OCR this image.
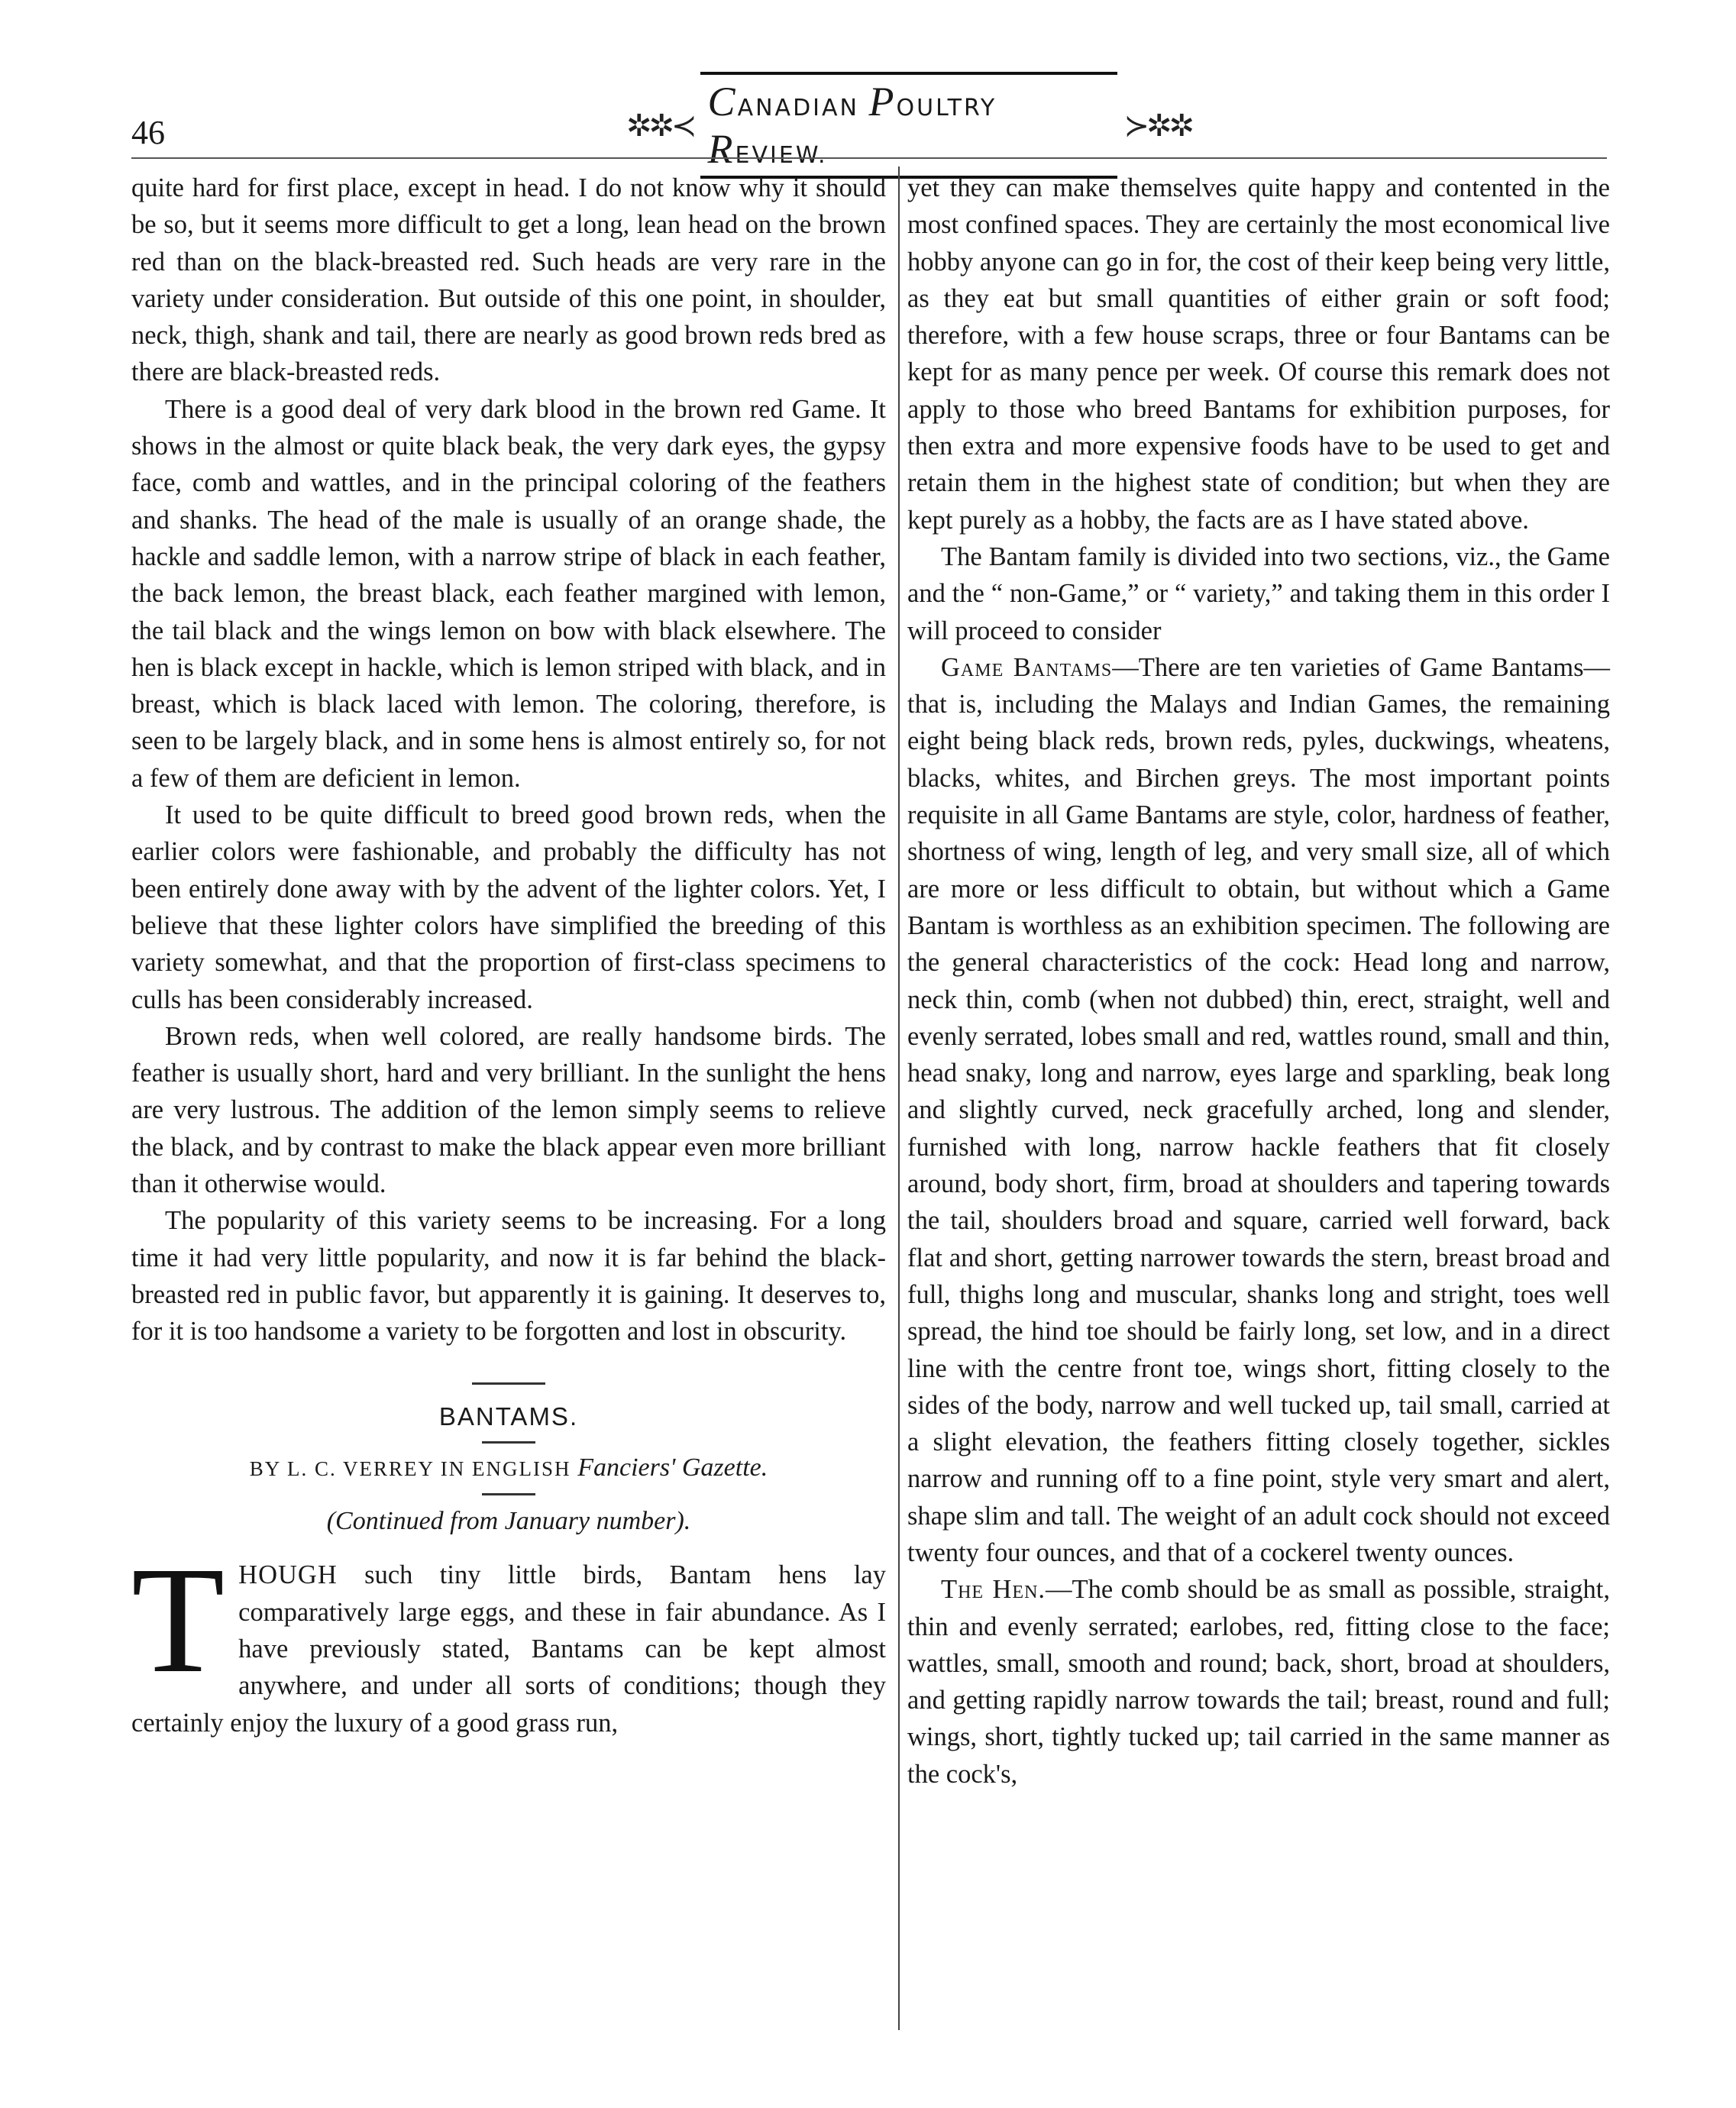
46	✲✲≺
CANADIAN POULTRY REVIEW.
≻✲✲

quite hard for first place, except in head. I do not know why it should be so, but it seems more difficult to get a long, lean head on the brown red than on the black-breasted red. Such heads are very rare in the variety under consideration. But outside of this one point, in shoulder, neck, thigh, shank and tail, there are nearly as good brown reds bred as there are black-breasted reds.

There is a good deal of very dark blood in the brown red Game. It shows in the almost or quite black beak, the very dark eyes, the gypsy face, comb and wattles, and in the principal coloring of the feathers and shanks. The head of the male is usually of an orange shade, the hackle and saddle lemon, with a narrow stripe of black in each feather, the back lemon, the breast black, each feather margined with lemon, the tail black and the wings lemon on bow with black elsewhere. The hen is black except in hackle, which is lemon striped with black, and in breast, which is black laced with lemon. The coloring, therefore, is seen to be largely black, and in some hens is almost entirely so, for not a few of them are deficient in lemon.

It used to be quite difficult to breed good brown reds, when the earlier colors were fashionable, and probably the difficulty has not been entirely done away with by the advent of the lighter colors. Yet, I believe that these lighter colors have simplified the breeding of this variety somewhat, and that the proportion of first-class specimens to culls has been considerably increased.

Brown reds, when well colored, are really handsome birds. The feather is usually short, hard and very brilliant. In the sunlight the hens are very lustrous. The addition of the lemon simply seems to relieve the black, and by contrast to make the black appear even more brilliant than it otherwise would.

The popularity of this variety seems to be increasing. For a long time it had very little popularity, and now it is far behind the black-breasted red in public favor, but apparently it is gaining. It deserves to, for it is too handsome a variety to be forgotten and lost in obscurity.

BANTAMS.
BY L. C. VERREY IN ENGLISH Fanciers' Gazette.
(Continued from January number).

THOUGH such tiny little birds, Bantam hens lay comparatively large eggs, and these in fair abundance. As I have previously stated, Bantams can be kept almost anywhere, and under all sorts of conditions; though they certainly enjoy the luxury of a good grass run,

yet they can make themselves quite happy and contented in the most confined spaces. They are certainly the most economical live hobby anyone can go in for, the cost of their keep being very little, as they eat but small quantities of either grain or soft food; therefore, with a few house scraps, three or four Bantams can be kept for as many pence per week. Of course this remark does not apply to those who breed Bantams for exhibition purposes, for then extra and more expensive foods have to be used to get and retain them in the highest state of condition; but when they are kept purely as a hobby, the facts are as I have stated above.

The Bantam family is divided into two sections, viz., the Game and the “ non-Game,” or “ variety,” and taking them in this order I will proceed to consider

Game Bantams—There are ten varieties of Game Bantams—that is, including the Malays and Indian Games, the remaining eight being black reds, brown reds, pyles, duckwings, wheatens, blacks, whites, and Birchen greys. The most important points requisite in all Game Bantams are style, color, hardness of feather, shortness of wing, length of leg, and very small size, all of which are more or less difficult to obtain, but without which a Game Bantam is worthless as an exhibition specimen. The following are the general characteristics of the cock: Head long and narrow, neck thin, comb (when not dubbed) thin, erect, straight, well and evenly serrated, lobes small and red, wattles round, small and thin, head snaky, long and narrow, eyes large and sparkling, beak long and slightly curved, neck gracefully arched, long and slender, furnished with long, narrow hackle feathers that fit closely around, body short, firm, broad at shoulders and tapering towards the tail, shoulders broad and square, carried well forward, back flat and short, getting narrower towards the stern, breast broad and full, thighs long and muscular, shanks long and stright, toes well spread, the hind toe should be fairly long, set low, and in a direct line with the centre front toe, wings short, fitting closely to the sides of the body, narrow and well tucked up, tail small, carried at a slight elevation, the feathers fitting closely together, sickles narrow and running off to a fine point, style very smart and alert, shape slim and tall. The weight of an adult cock should not exceed twenty four ounces, and that of a cockerel twenty ounces.

The Hen.—The comb should be as small as possible, straight, thin and evenly serrated; earlobes, red, fitting close to the face; wattles, small, smooth and round; back, short, broad at shoulders, and getting rapidly narrow towards the tail; breast, round and full; wings, short, tightly tucked up; tail carried in the same manner as the cock's,
